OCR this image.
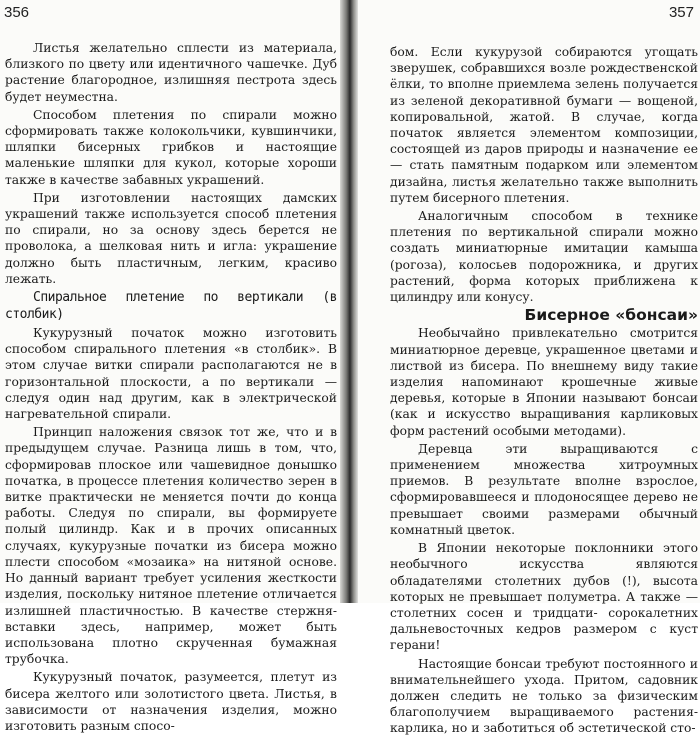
356

Листья желательно сплести из материала, близкого по цвету или идентичного чашечке. Дуб растение благородное, излишняя пестрота здесь будет неуместна.

Способом плетения по спирали можно сформировать также колокольчики, кувшинчики, шляпки бисерных грибков и настоящие маленькие шляпки для кукол, которые хороши также в качестве забавных украшений.

При изготовлении настоящих дамских украшений также используется способ плетения по спирали, но за основу здесь берется не проволока, а шелковая нить и игла: украшение должно быть пластичным, легким, красиво лежать.

Спиральное плетение по вертикали (в столбик)

Кукурузный початок можно изготовить способом спирального плетения «в столбик». В этом случае витки спирали располагаются не в горизонтальной плоскости, а по вертикали — следуя один над другим, как в электрической нагревательной спирали.

Принцип наложения связок тот же, что и в предыдущем случае. Разница лишь в том, что, сформировав плоское или чашевидное донышко початка, в процессе плетения количество зерен в витке практически не меняется почти до конца работы. Следуя по спирали, вы формируете полый цилиндр. Как и в прочих описанных случаях, кукурузные початки из бисера можно плести способом «мозаика» на нитяной основе. Но данный вариант требует усиления жесткости изделия, поскольку нитяное плетение отличается излишней пластичностью. В качестве стержня-вставки здесь, например, может быть использована плотно скрученная бумажная трубочка.

Кукурузный початок, разумеется, плетут из бисера желтого или золотистого цвета. Листья, в зависимости от назначения изделия, можно изготовить разным спосо-

357

бом. Если кукурузой собираются угощать зверушек, собравшихся возле рождественской ёлки, то вполне приемлема зелень получается из зеленой декоративной бумаги — вощеной, копировальной, жатой. В случае, когда початок является элементом композиции, состоящей из даров природы и назначение ее — стать памятным подарком или элементом дизайна, листья желательно также выполнить путем бисерного плетения.

Аналогичным способом в технике плетения по вертикальной спирали можно создать миниатюрные имитации камыша (рогоза), колосьев подорожника, и других растений, форма которых приближена к цилиндру или конусу.

Бисерное «бонсаи»

Необычайно привлекательно смотрится миниатюрное деревце, украшенное цветами и листвой из бисера. По внешнему виду такие изделия напоминают крошечные живые деревья, которые в Японии называют бонсаи (как и искусство выращивания карликовых форм растений особыми методами).

Деревца эти выращиваются с применением множества хитроумных приемов. В результате вполне взрослое, сформировавшееся и плодоносящее дерево не превышает своими размерами обычный комнатный цветок.

В Японии некоторые поклонники этого необычного искусства являются обладателями столетних дубов (!), высота которых не превышает полуметра. А также — столетних сосен и тридцати- сорокалетних дальневосточных кедров размером с куст герани!

Настоящие бонсаи требуют постоянного и внимательнейшего ухода. Притом, садовник должен следить не только за физическим благополучием выращиваемого растения-карлика, но и заботиться об эстетической сто-
